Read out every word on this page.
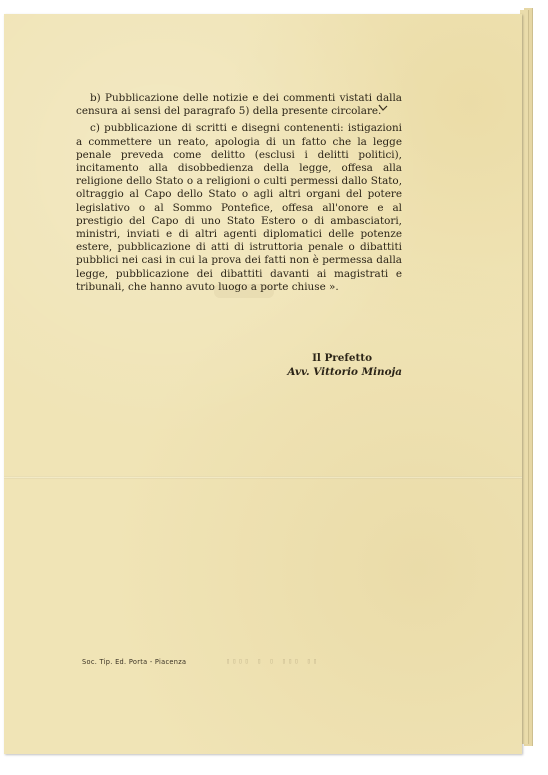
b) Pubblicazione delle notizie e dei commenti vistati dalla censura ai sensi del paragrafo 5) della presente circolare.

c) pubblicazione di scritti e disegni contenenti: istigazioni a commettere un reato, apologia di un fatto che la legge penale preveda come delitto (esclusi i delitti politici), incitamento alla disobbedienza della legge, offesa alla religione dello Stato o a religioni o culti permessi dallo Stato, oltraggio al Capo dello Stato o agli altri organi del potere legislativo o al Sommo Pontefice, offesa all'onore e al prestigio del Capo di uno Stato Estero o di ambasciatori, ministri, inviati e di altri agenti diplomatici delle potenze estere, pubblicazione di atti di istruttoria penale o dibattiti pubblici nei casi in cui la prova dei fatti non è permessa dalla legge, pubblicazione dei dibattiti davanti ai magistrati e tribunali, che hanno avuto luogo a porte chiuse ».

Il Prefetto
Avv. Vittorio Minoja
Soc. Tip. Ed. Porta - Piacenza	▯▯▯▯ ▯ ▯ ▯▯▯ ▯▯
